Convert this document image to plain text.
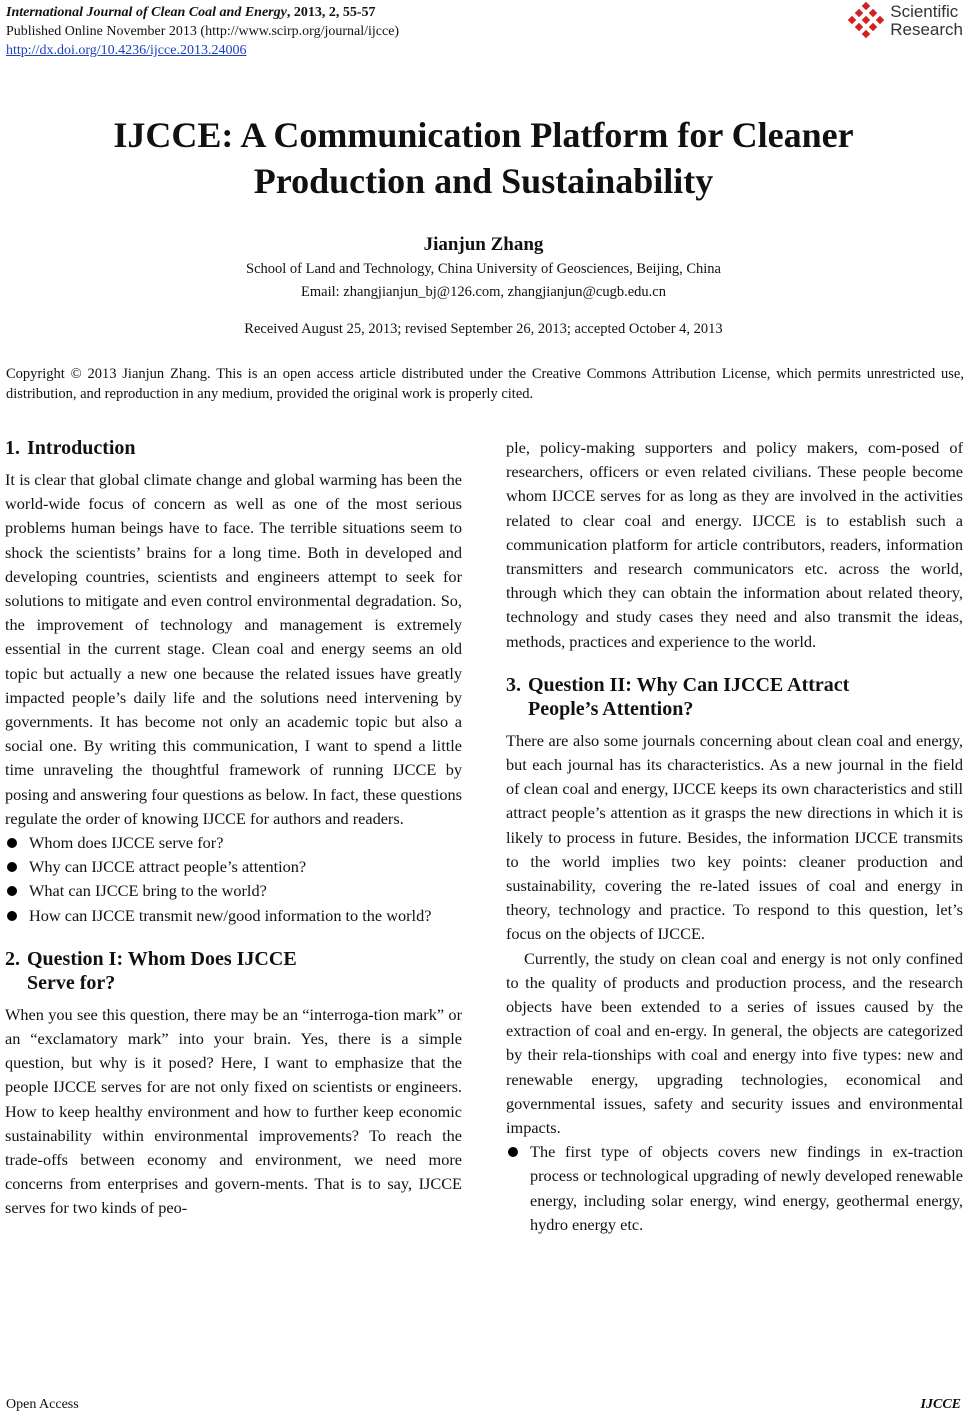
International Journal of Clean Coal and Energy, 2013, 2, 55-57
Published Online November 2013 (http://www.scirp.org/journal/ijcce)
http://dx.doi.org/10.4236/ijcce.2013.24006
Scientific
Research
IJCCE: A Communication Platform for Cleaner
Production and Sustainability
Jianjun Zhang
School of Land and Technology, China University of Geosciences, Beijing, China
Email: zhangjianjun_bj@126.com, zhangjianjun@cugb.edu.cn
Received August 25, 2013; revised September 26, 2013; accepted October 4, 2013
Copyright © 2013 Jianjun Zhang. This is an open access article distributed under the Creative Commons Attribution License, which permits unrestricted use, distribution, and reproduction in any medium, provided the original work is properly cited.
1. Introduction

It is clear that global climate change and global warming has been the world-wide focus of concern as well as one of the most serious problems human beings have to face. The terrible situations seem to shock the scientists’ brains for a long time. Both in developed and developing countries, scientists and engineers attempt to seek for solutions to mitigate and even control environmental degradation. So, the improvement of technology and management is extremely essential in the current stage. Clean coal and energy seems an old topic but actually a new one because the related issues have greatly impacted people’s daily life and the solutions need intervening by governments. It has become not only an academic topic but also a social one. By writing this communication, I want to spend a little time unraveling the thoughtful framework of running IJCCE by posing and answering four questions as below. In fact, these questions regulate the order of knowing IJCCE for authors and readers.

Whom does IJCCE serve for?
Why can IJCCE attract people’s attention?
What can IJCCE bring to the world?
How can IJCCE transmit new/good information to the world?
2. Question I: Whom Does IJCCE
Serve for?

When you see this question, there may be an “interroga-tion mark” or an “exclamatory mark” into your brain. Yes, there is a simple question, but why is it posed? Here, I want to emphasize that the people IJCCE serves for are not only fixed on scientists or engineers. How to keep healthy environment and how to further keep economic sustainability within environmental improvements? To reach the trade-offs between economy and environment, we need more concerns from enterprises and govern-ments. That is to say, IJCCE serves for two kinds of peo-

ple, policy-making supporters and policy makers, com-posed of researchers, officers or even related civilians. These people become whom IJCCE serves for as long as they are involved in the activities related to clear coal and energy. IJCCE is to establish such a communication platform for article contributors, readers, information transmitters and research communicators etc. across the world, through which they can obtain the information about related theory, technology and study cases they need and also transmit the ideas, methods, practices and experience to the world.

3. Question II: Why Can IJCCE Attract
People’s Attention?

There are also some journals concerning about clean coal and energy, but each journal has its characteristics. As a new journal in the field of clean coal and energy, IJCCE keeps its own characteristics and still attract people’s attention as it grasps the new directions in which it is likely to process in future. Besides, the information IJCCE transmits to the world implies two key points: cleaner production and sustainability, covering the re-lated issues of coal and energy in theory, technology and practice. To respond to this question, let’s focus on the objects of IJCCE.

Currently, the study on clean coal and energy is not only confined to the quality of products and production process, and the research objects have been extended to a series of issues caused by the extraction of coal and en-ergy. In general, the objects are categorized by their rela-tionships with coal and energy into five types: new and renewable energy, upgrading technologies, economical and governmental issues, safety and security issues and environmental impacts.

The first type of objects covers new findings in ex-traction process or technological upgrading of newly developed renewable energy, including solar energy, wind energy, geothermal energy, hydro energy etc.
Open Access	IJCCE
